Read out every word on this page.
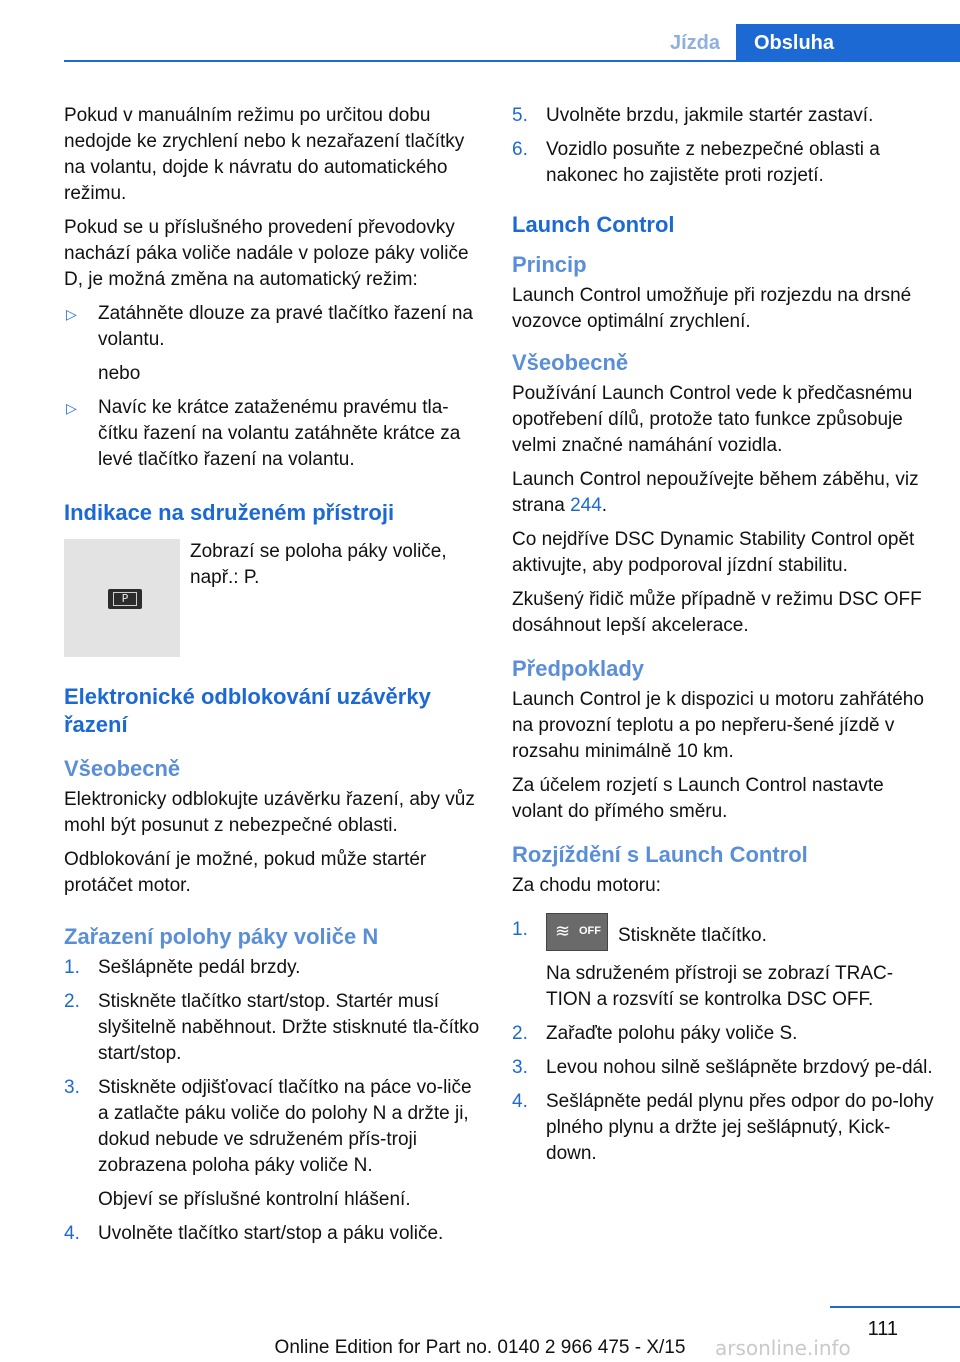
Jízda	Obsluha

Pokud v manuálním režimu po určitou dobu nedojde ke zrychlení nebo k nezařazení tlačítky na volantu, dojde k návratu do automatického režimu.

Pokud se u příslušného provedení převodovky nachází páka voliče nadále v poloze páky voliče D, je možná změna na automatický režim:

▷ Zatáhněte dlouze za pravé tlačítko řazení na volantu.
nebo
▷ Navíc ke krátce zataženému pravému tla‐čítku řazení na volantu zatáhněte krátce za levé tlačítko řazení na volantu.
Indikace na sdruženém přístroji
P
Zobrazí se poloha páky voliče, např.: P.
Elektronické odblokování uzávěrky řazení
Všeobecně

Elektronicky odblokujte uzávěrku řazení, aby vůz mohl být posunut z nebezpečné oblasti.

Odblokování je možné, pokud může startér protáčet motor.

Zařazení polohy páky voliče N
1. Sešlápněte pedál brzdy.
2. Stiskněte tlačítko start/stop. Startér musí slyšitelně naběhnout. Držte stisknuté tla‐čítko start/stop.
3. Stiskněte odjišťovací tlačítko na páce vo‐liče a zatlačte páku voliče do polohy N a držte ji, dokud nebude ve sdruženém přís‐troji zobrazena poloha páky voliče N.
Objeví se příslušné kontrolní hlášení.
4. Uvolněte tlačítko start/stop a páku voliče.
5. Uvolněte brzdu, jakmile startér zastaví.
6. Vozidlo posuňte z nebezpečné oblasti a nakonec ho zajistěte proti rozjetí.
Launch Control
Princip

Launch Control umožňuje při rozjezdu na drsné vozovce optimální zrychlení.

Všeobecně

Používání Launch Control vede k předčasnému opotřebení dílů, protože tato funkce způsobuje velmi značné namáhání vozidla.

Launch Control nepoužívejte během záběhu, viz strana 244.

Co nejdříve DSC Dynamic Stability Control opět aktivujte, aby podporoval jízdní stabilitu.

Zkušený řidič může případně v režimu DSC OFF dosáhnout lepší akcelerace.

Předpoklady

Launch Control je k dispozici u motoru zahřátého na provozní teplotu a po nepřeru‐šené jízdě v rozsahu minimálně 10 km.

Za účelem rozjetí s Launch Control nastavte volant do přímého směru.

Rozjíždění s Launch Control

Za chodu motoru:

1. ≋ OFF Stiskněte tlačítko.
Na sdruženém přístroji se zobrazí TRAC‐TION a rozsvítí se kontrolka DSC OFF.
2. Zařaďte polohu páky voliče S.
3. Levou nohou silně sešlápněte brzdový pe‐dál.
4. Sešlápněte pedál plynu přes odpor do po‐lohy plného plynu a držte jej sešlápnutý, Kick-down.
111
arsonline.info
Online Edition for Part no. 0140 2 966 475 - X/15
